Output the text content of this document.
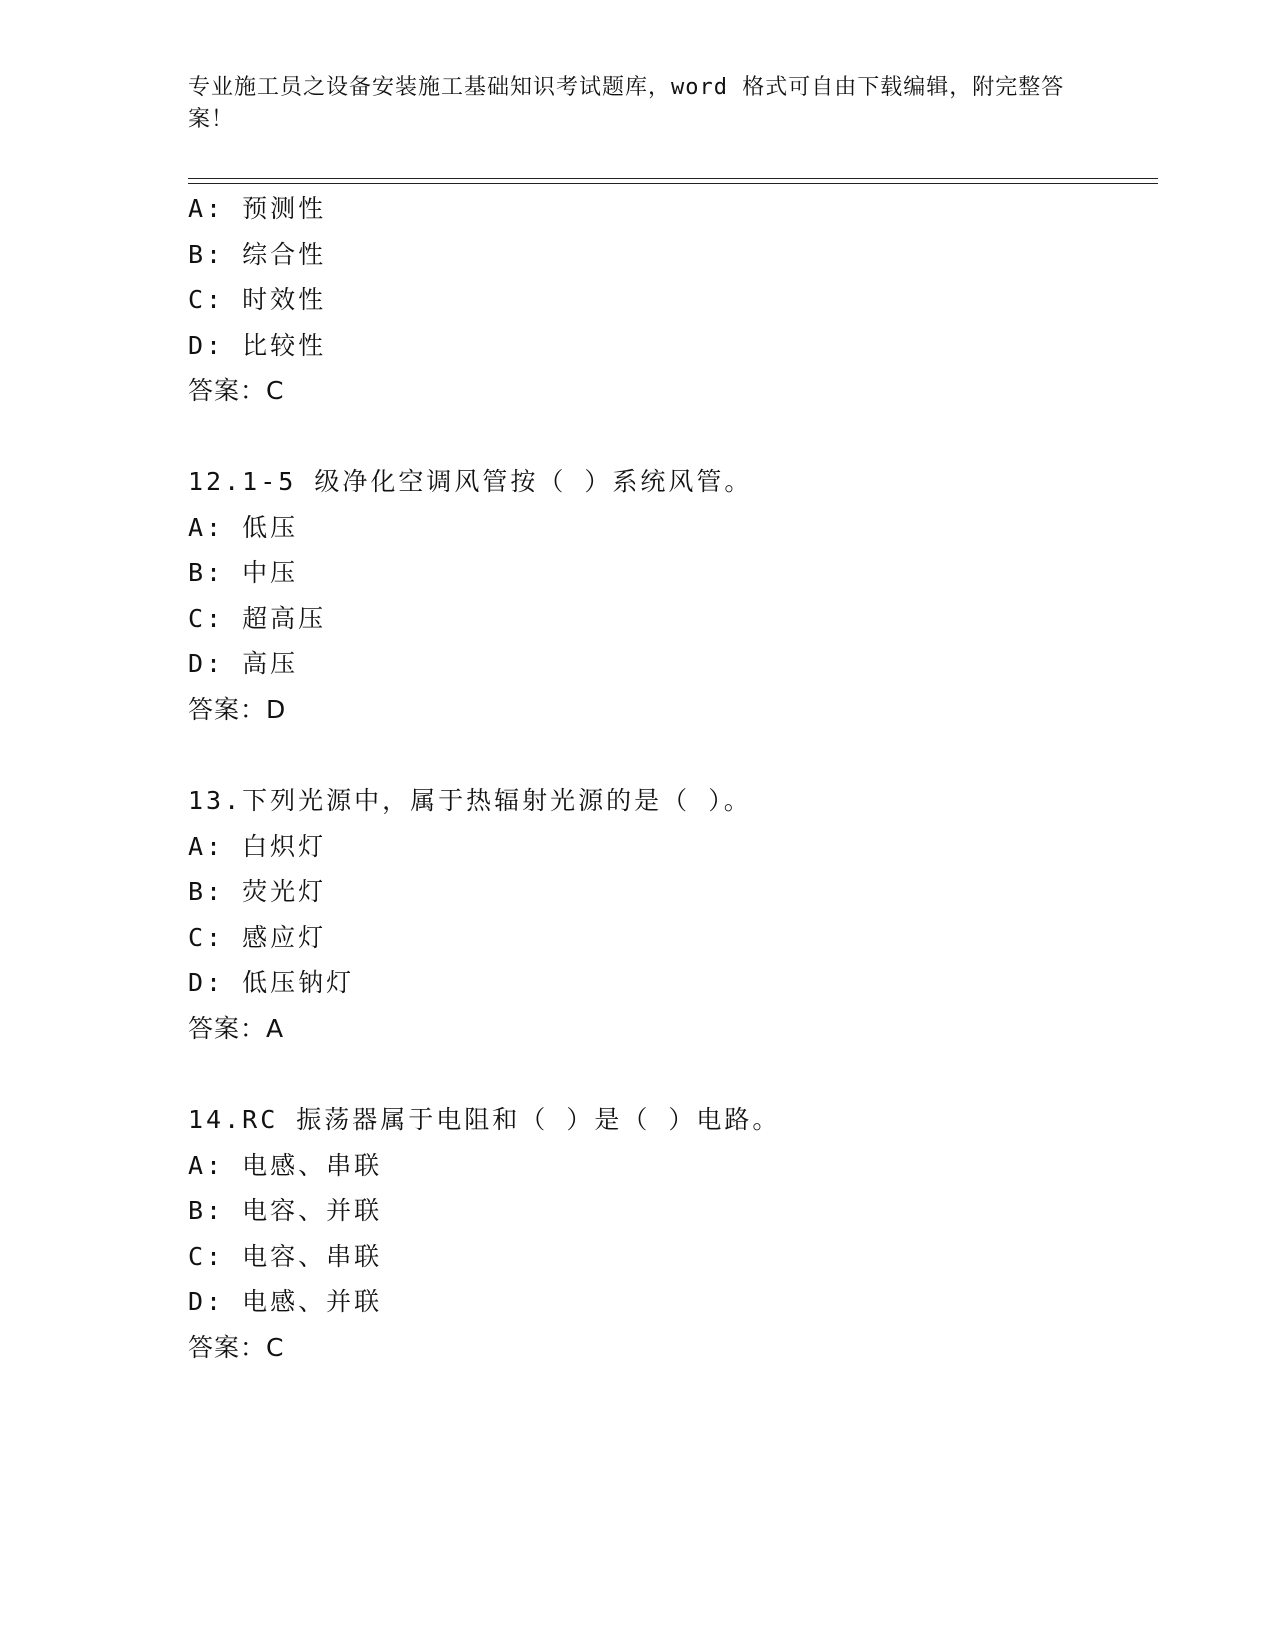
专业施工员之设备安装施工基础知识考试题库，word 格式可自由下载编辑，附完整答案！
A: 预测性
B: 综合性
C: 时效性
D: 比较性
答案：C
12.1-5 级净化空调风管按（ ）系统风管。
A: 低压
B: 中压
C: 超高压
D: 高压
答案：D
13.下列光源中，属于热辐射光源的是（ ）。
A: 白炽灯
B: 荧光灯
C: 感应灯
D: 低压钠灯
答案：A
14.RC 振荡器属于电阻和（ ）是（ ）电路。
A: 电感、串联
B: 电容、并联
C: 电容、串联
D: 电感、并联
答案：C
